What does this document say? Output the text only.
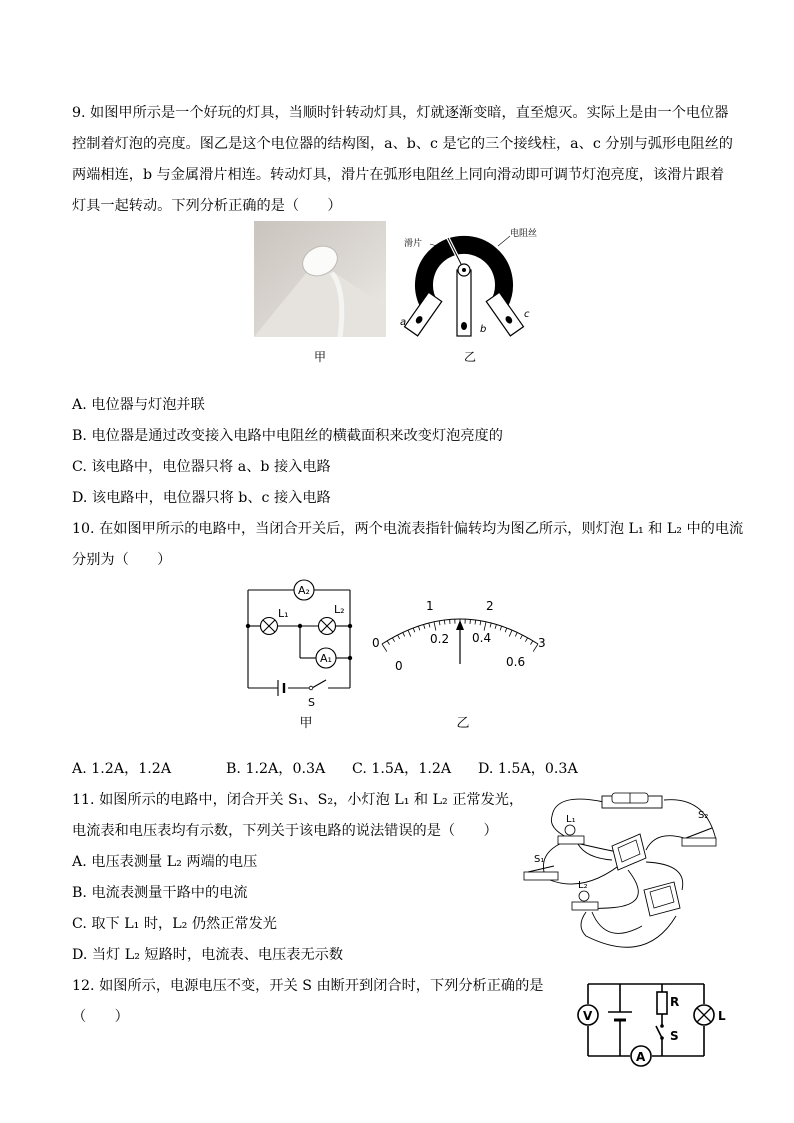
9. 如图甲所示是一个好玩的灯具，当顺时针转动灯具，灯就逐渐变暗，直至熄灭。实际上是由一个电位器
控制着灯泡的亮度。图乙是这个电位器的结构图，a、b、c 是它的三个接线柱，a、c 分别与弧形电阻丝的
两端相连，b 与金属滑片相连。转动灯具，滑片在弧形电阻丝上同向滑动即可调节灯泡亮度，该滑片跟着
灯具一起转动。下列分析正确的是（　　）
甲
滑片
电阻丝
a
b
c
乙
A. 电位器与灯泡并联
B. 电位器是通过改变接入电路中电阻丝的横截面积来改变灯泡亮度的
C. 该电路中，电位器只将 a、b 接入电路
D. 该电路中，电位器只将 b、c 接入电路
10. 在如图甲所示的电路中，当闭合开关后，两个电流表指针偏转均为图乙所示，则灯泡 L₁ 和 L₂ 中的电流
分别为（　　）
A₂
A₁
L₁	L₂
S
甲
1	2
0	3
0
0.2 0.4
0.6
乙
A. 1.2A，1.2A	B. 1.2A，0.3A C. 1.5A，1.2A D. 1.5A，0.3A
11. 如图所示的电路中，闭合开关 S₁、S₂，小灯泡 L₁ 和 L₂ 正常发光，
电流表和电压表均有示数，下列关于该电路的说法错误的是（　　）
L₁
L₂
S₁
S₂
A. 电压表测量 L₂ 两端的电压
B. 电流表测量干路中的电流
C. 取下 L₁ 时，L₂ 仍然正常发光
D. 当灯 L₂ 短路时，电流表、电压表无示数
12. 如图所示，电源电压不变，开关 S 由断开到闭合时，下列分析正确的是
（　　）	V
A
R
S
L
